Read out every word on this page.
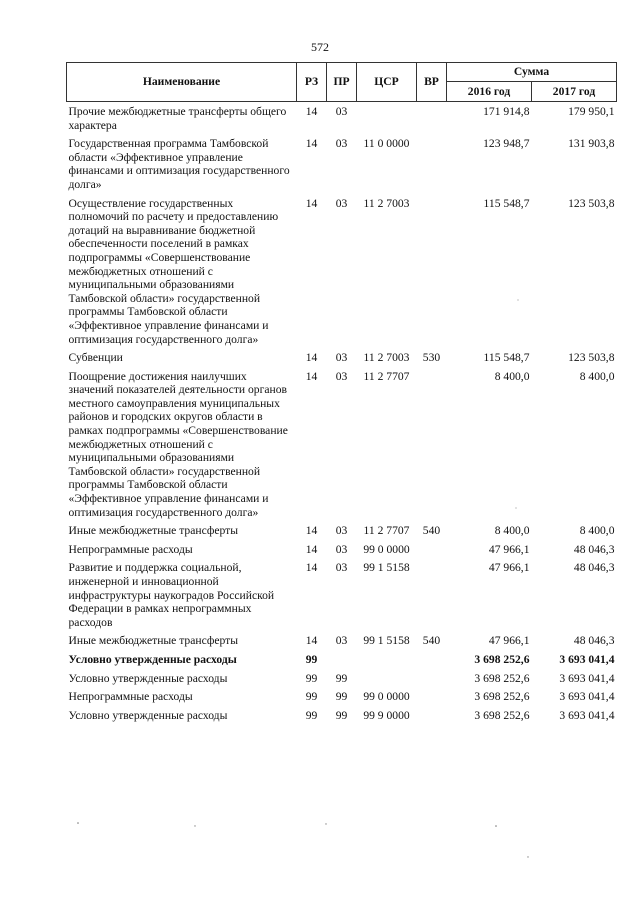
572
Наименование	РЗ	ПР	ЦСР	ВР	Сумма	
					2016 год	2017 год
Прочие межбюджетные трансферты общего характера	14	03			171 914,8	179 950,1
Государственная программа Тамбовской области «Эффективное управление финансами и оптимизация государственного долга»	14	03	11 0 0000		123 948,7	131 903,8
Осуществление государственных полномочий по расчету и предоставлению дотаций на выравнивание бюджетной обеспеченности поселений в рамках подпрограммы «Совершенствование межбюджетных отношений с муниципальными образованиями Тамбовской области» государственной программы Тамбовской области «Эффективное управление финансами и оптимизация государственного долга»	14	03	11 2 7003		115 548,7	123 503,8
Субвенции	14	03	11 2 7003	530	115 548,7	123 503,8
Поощрение достижения наилучших значений показателей деятельности органов местного самоуправления муниципальных районов и городских округов области в рамках подпрограммы «Совершенствование межбюджетных отношений с муниципальными образованиями Тамбовской области» государственной программы Тамбовской области «Эффективное управление финансами и оптимизация государственного долга»	14	03	11 2 7707		8 400,0	8 400,0
Иные межбюджетные трансферты	14	03	11 2 7707	540	8 400,0	8 400,0
Непрограммные расходы	14	03	99 0 0000		47 966,1	48 046,3
Развитие и поддержка социальной, инженерной и инновационной инфраструктуры наукоградов Российской Федерации в рамках непрограммных расходов	14	03	99 1 5158		47 966,1	48 046,3
Иные межбюджетные трансферты	14	03	99 1 5158	540	47 966,1	48 046,3
Условно утвержденные расходы	99				3 698 252,6	3 693 041,4
Условно утвержденные расходы	99	99			3 698 252,6	3 693 041,4
Непрограммные расходы	99	99	99 0 0000		3 698 252,6	3 693 041,4
Условно утвержденные расходы	99	99	99 9 0000		3 698 252,6	3 693 041,4
